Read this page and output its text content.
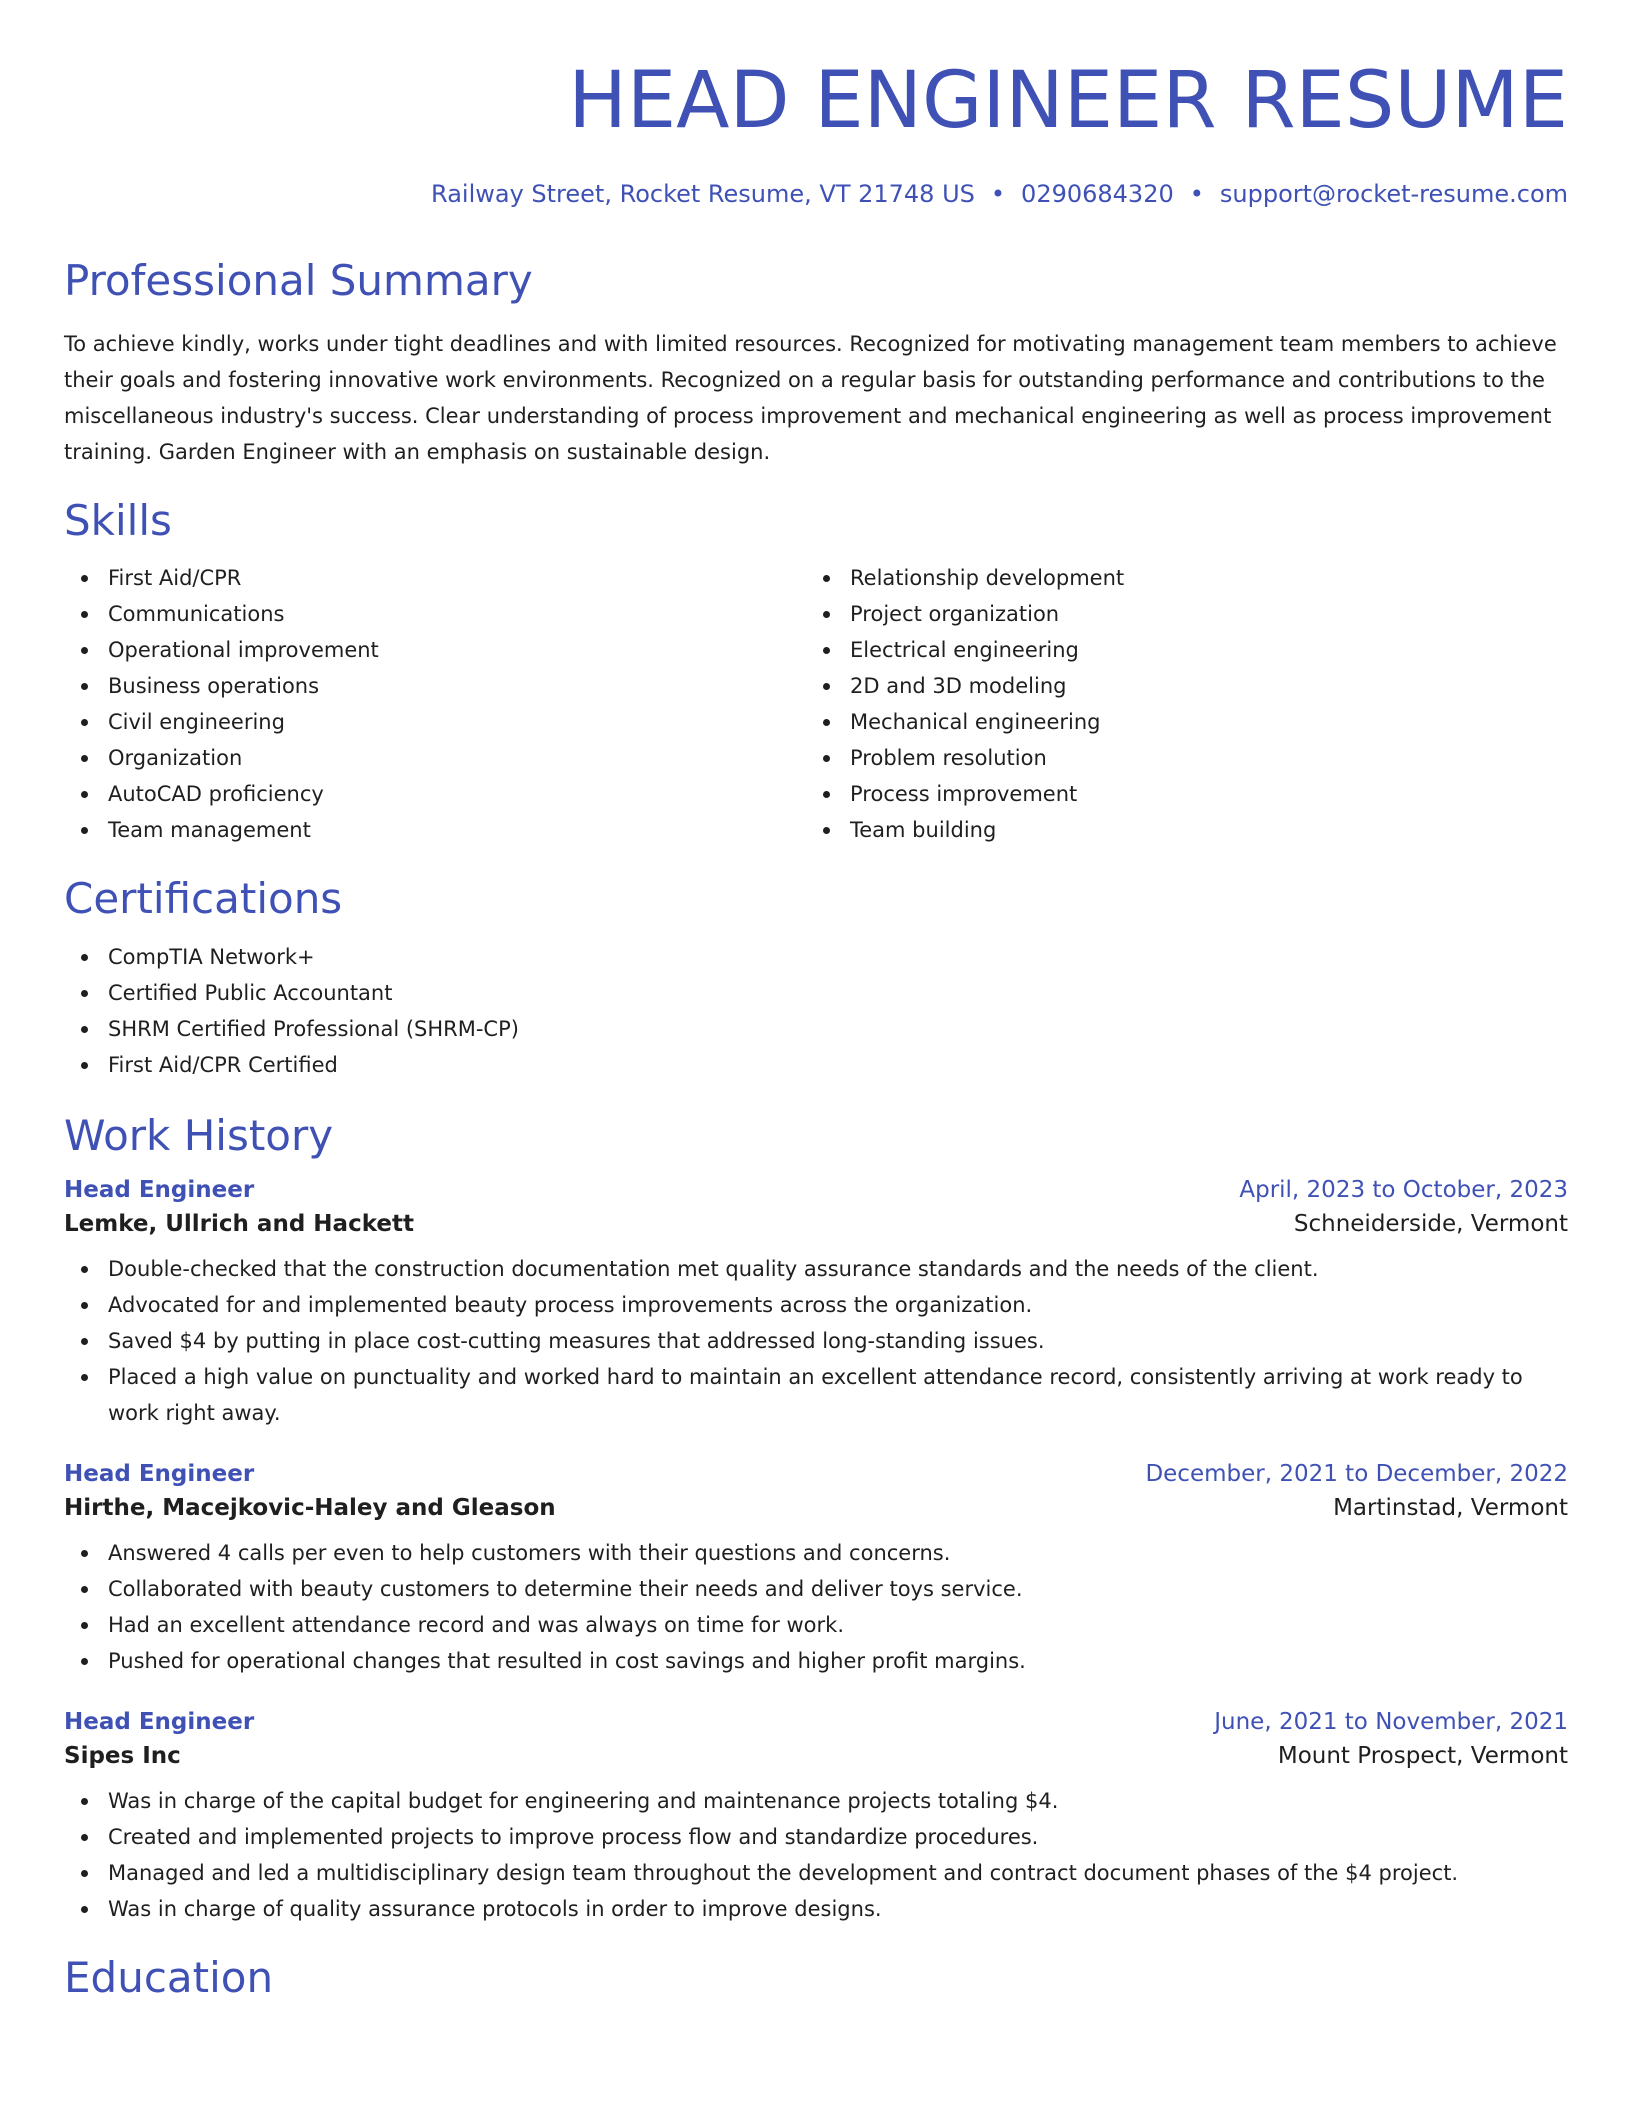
HEAD ENGINEER RESUME
Railway Street, Rocket Resume, VT 21748 US • 0290684320 • support@rocket-resume.com
Professional Summary

To achieve kindly, works under tight deadlines and with limited resources. Recognized for motivating management team members to achieve their goals and fostering innovative work environments. Recognized on a regular basis for outstanding performance and contributions to the miscellaneous industry's success. Clear understanding of process improvement and mechanical engineering as well as process improvement training. Garden Engineer with an emphasis on sustainable design.

Skills
First Aid/CPR
Communications
Operational improvement
Business operations
Civil engineering
Organization
AutoCAD proficiency
Team management
Relationship development
Project organization
Electrical engineering
2D and 3D modeling
Mechanical engineering
Problem resolution
Process improvement
Team building
Certifications
CompTIA Network+
Certified Public Accountant
SHRM Certified Professional (SHRM-CP)
First Aid/CPR Certified
Work History
Head Engineer	April, 2023 to October, 2023
Lemke, Ullrich and Hackett	Schneiderside, Vermont
Double-checked that the construction documentation met quality assurance standards and the needs of the client.
Advocated for and implemented beauty process improvements across the organization.
Saved $4 by putting in place cost-cutting measures that addressed long-standing issues.
Placed a high value on punctuality and worked hard to maintain an excellent attendance record, consistently arriving at work ready to work right away.
Head Engineer	December, 2021 to December, 2022
Hirthe, Macejkovic-Haley and Gleason	Martinstad, Vermont
Answered 4 calls per even to help customers with their questions and concerns.
Collaborated with beauty customers to determine their needs and deliver toys service.
Had an excellent attendance record and was always on time for work.
Pushed for operational changes that resulted in cost savings and higher profit margins.
Head Engineer	June, 2021 to November, 2021
Sipes Inc	Mount Prospect, Vermont
Was in charge of the capital budget for engineering and maintenance projects totaling $4.
Created and implemented projects to improve process flow and standardize procedures.
Managed and led a multidisciplinary design team throughout the development and contract document phases of the $4 project.
Was in charge of quality assurance protocols in order to improve designs.
Education
